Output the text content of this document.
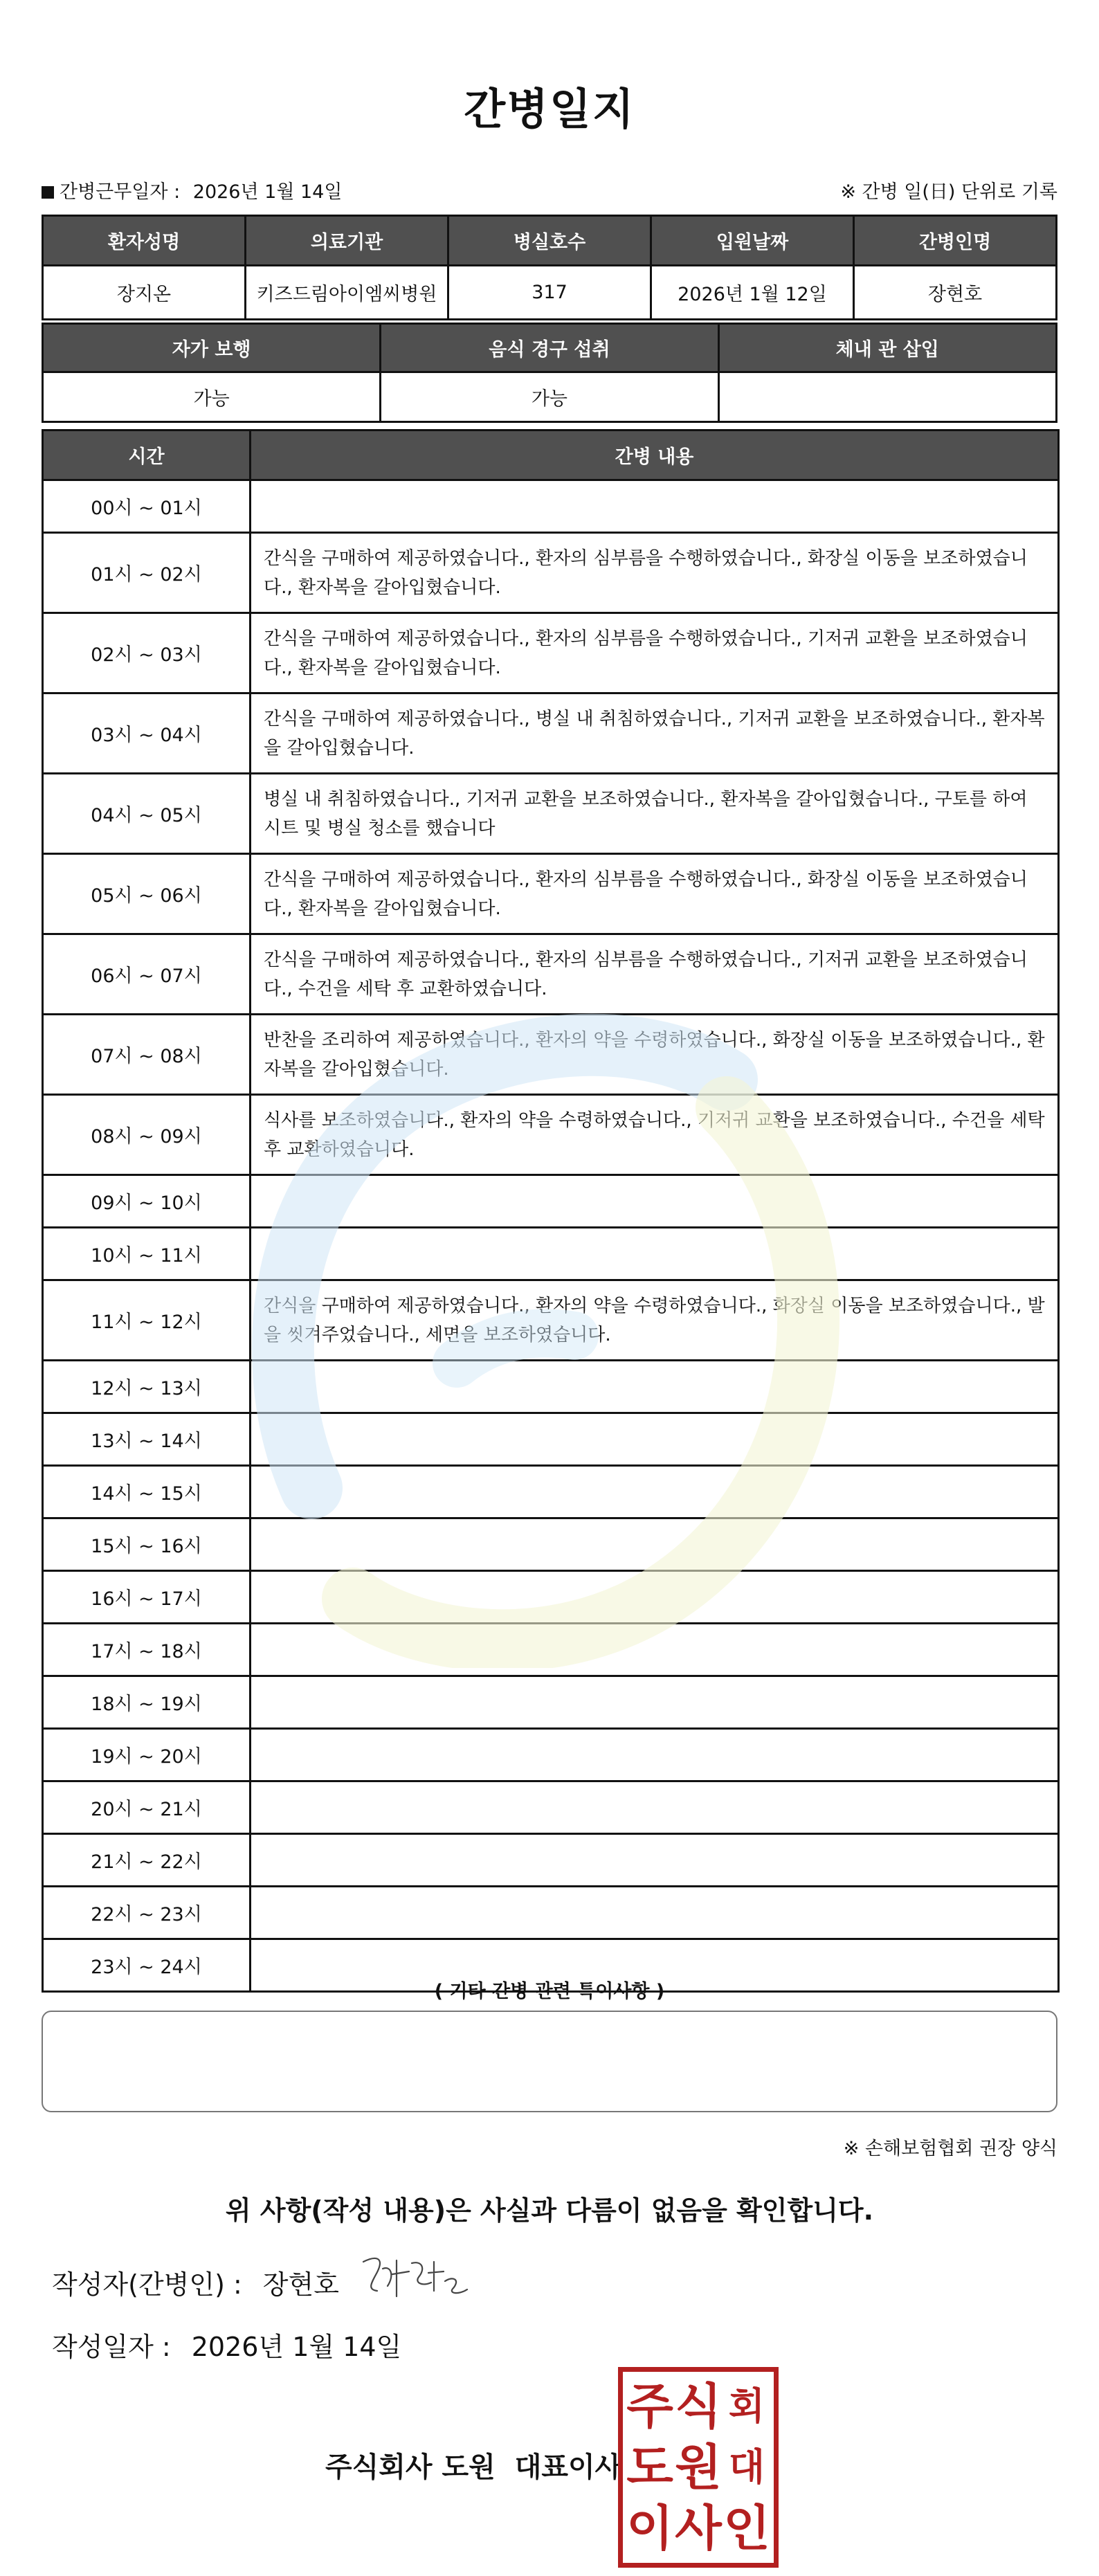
간병일지
간병근무일자 : 2026년 1월 14일	※ 간병 일(日) 단위로 기록
환자성명	의료기관	병실호수	입원날짜	간병인명
장지온	키즈드림아이엠씨병원	317	2026년 1월 12일	장현호
자가 보행	음식 경구 섭취	체내 관 삽입
가능	가능	
시간	간병 내용
00시 ~ 01시	
01시 ~ 02시	간식을 구매하여 제공하였습니다., 환자의 심부름을 수행하였습니다., 화장실 이동을 보조하였습니다., 환자복을 갈아입혔습니다.
02시 ~ 03시	간식을 구매하여 제공하였습니다., 환자의 심부름을 수행하였습니다., 기저귀 교환을 보조하였습니다., 환자복을 갈아입혔습니다.
03시 ~ 04시	간식을 구매하여 제공하였습니다., 병실 내 취침하였습니다., 기저귀 교환을 보조하였습니다., 환자복을 갈아입혔습니다.
04시 ~ 05시	병실 내 취침하였습니다., 기저귀 교환을 보조하였습니다., 환자복을 갈아입혔습니다., 구토를 하여 시트 및 병실 청소를 했습니다
05시 ~ 06시	간식을 구매하여 제공하였습니다., 환자의 심부름을 수행하였습니다., 화장실 이동을 보조하였습니다., 환자복을 갈아입혔습니다.
06시 ~ 07시	간식을 구매하여 제공하였습니다., 환자의 심부름을 수행하였습니다., 기저귀 교환을 보조하였습니다., 수건을 세탁 후 교환하였습니다.
07시 ~ 08시	반찬을 조리하여 제공하였습니다., 환자의 약을 수령하였습니다., 화장실 이동을 보조하였습니다., 환자복을 갈아입혔습니다.
08시 ~ 09시	식사를 보조하였습니다., 환자의 약을 수령하였습니다., 기저귀 교환을 보조하였습니다., 수건을 세탁 후 교환하였습니다.
09시 ~ 10시	
10시 ~ 11시	
11시 ~ 12시	간식을 구매하여 제공하였습니다., 환자의 약을 수령하였습니다., 화장실 이동을 보조하였습니다., 발을 씻겨주었습니다., 세면을 보조하였습니다.
12시 ~ 13시	
13시 ~ 14시	
14시 ~ 15시	
15시 ~ 16시	
16시 ~ 17시	
17시 ~ 18시	
18시 ~ 19시	
19시 ~ 20시	
20시 ~ 21시	
21시 ~ 22시	
22시 ~ 23시	
23시 ~ 24시	
( 기타 간병 관련 특이사항 )
※ 손해보험협회 권장 양식
위 사항(작성 내용)은 사실과 다름이 없음을 확인합니다.
작성자(간병인) : 장현호
작성일자 : 2026년 1월 14일
주식회사 도원 대표이사
주 식
도 원
이 사
회
대
인
